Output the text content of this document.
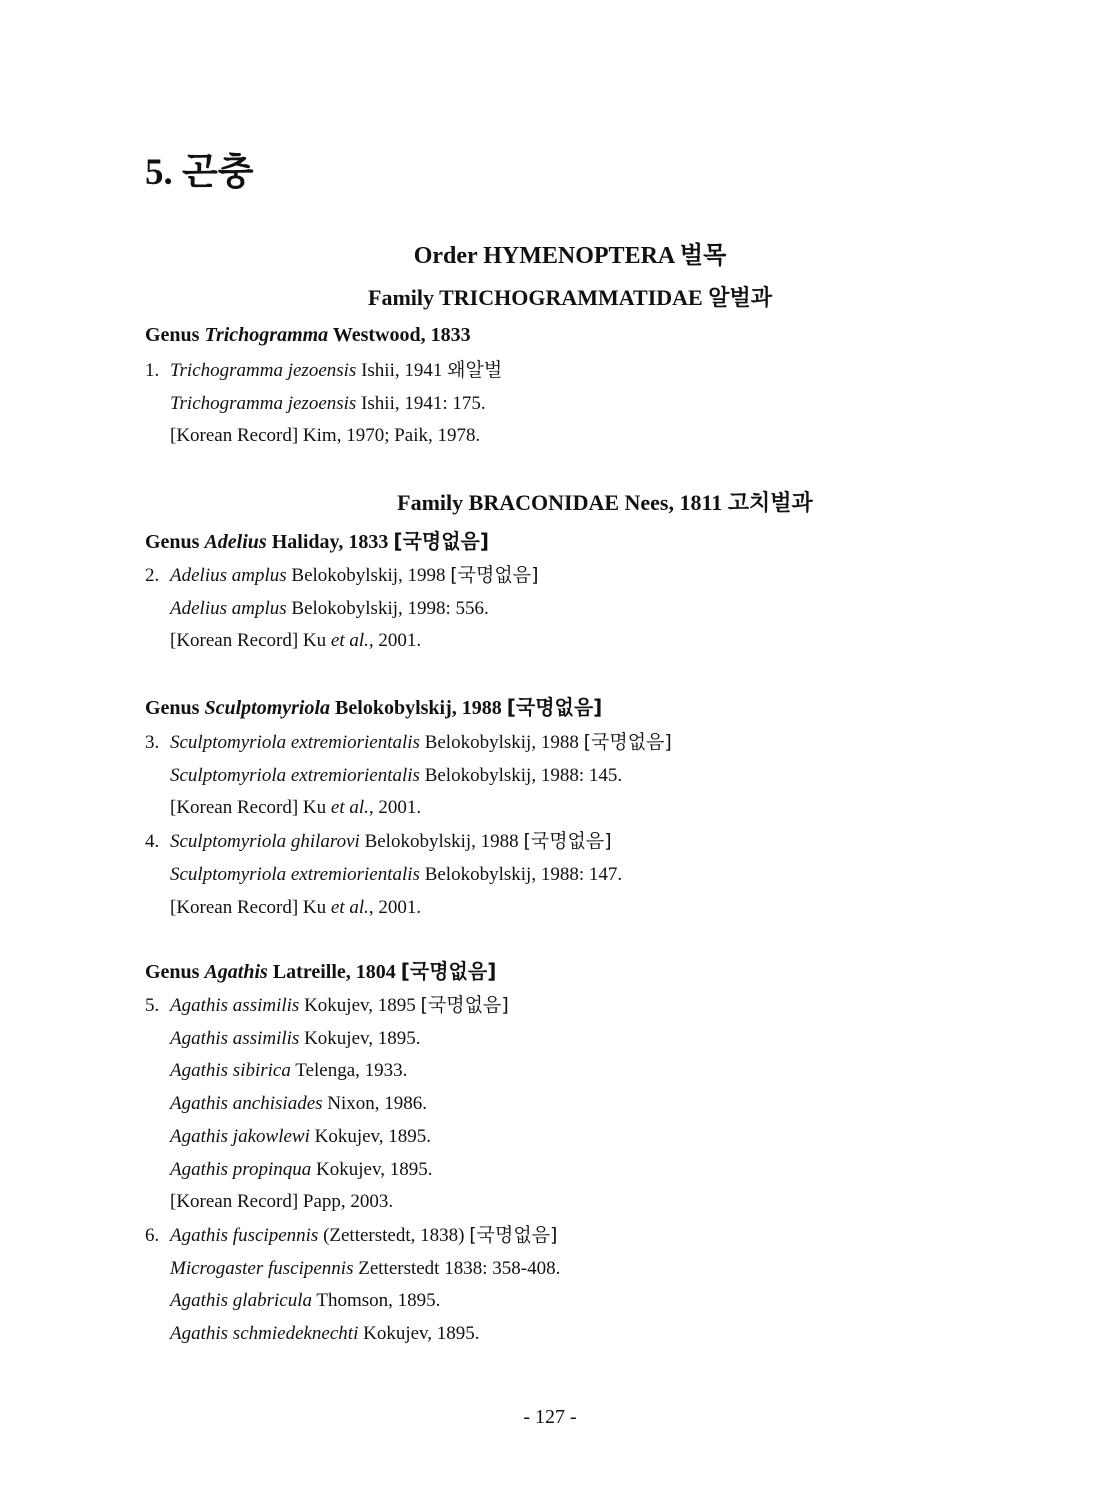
5. 곤충

Order HYMENOPTERA 벌목

Family TRICHOGRAMMATIDAE 알벌과

Genus Trichogramma Westwood, 1833

1. Trichogramma jezoensis Ishii, 1941 왜알벌
Trichogramma jezoensis Ishii, 1941: 175.
[Korean Record] Kim, 1970; Paik, 1978.

Family BRACONIDAE Nees, 1811 고치벌과

Genus Adelius Haliday, 1833 [국명없음]

2. Adelius amplus Belokobylskij, 1998 [국명없음]
Adelius amplus Belokobylskij, 1998: 556.
[Korean Record] Ku et al., 2001.

Genus Sculptomyriola Belokobylskij, 1988 [국명없음]

3. Sculptomyriola extremiorientalis Belokobylskij, 1988 [국명없음]
Sculptomyriola extremiorientalis Belokobylskij, 1988: 145.
[Korean Record] Ku et al., 2001.
4. Sculptomyriola ghilarovi Belokobylskij, 1988 [국명없음]
Sculptomyriola extremiorientalis Belokobylskij, 1988: 147.
[Korean Record] Ku et al., 2001.

Genus Agathis Latreille, 1804 [국명없음]

5. Agathis assimilis Kokujev, 1895 [국명없음]
Agathis assimilis Kokujev, 1895.
Agathis sibirica Telenga, 1933.
Agathis anchisiades Nixon, 1986.
Agathis jakowlewi Kokujev, 1895.
Agathis propinqua Kokujev, 1895.
[Korean Record] Papp, 2003.
6. Agathis fuscipennis (Zetterstedt, 1838) [국명없음]
Microgaster fuscipennis Zetterstedt 1838: 358-408.
Agathis glabricula Thomson, 1895.
Agathis schmiedeknechti Kokujev, 1895.
- 127 -
